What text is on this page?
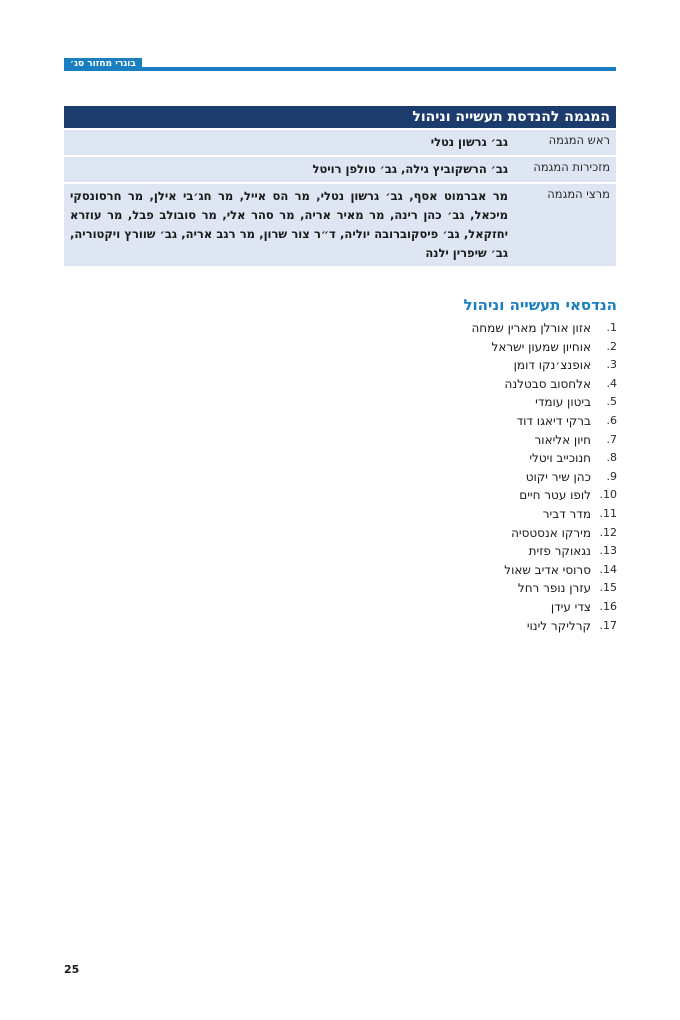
בוגרי מחזור סג׳
המגמה להנדסת תעשייה וניהול	
ראש המגמה	גב׳ גרשון נטלי
מזכירות המגמה	גב׳ הרשקוביץ גילה, גב׳ טולפן רויטל
מרצי המגמה	מר אברמוט אסף, גב׳ גרשון נטלי, מר הס אייל, מר חג׳בי אילן, מר חרסונסקי מיכאל, גב׳ כהן רינה, מר מאיר אריה, מר סהר אלי, מר סובולב פבל, מר עוזרא יחזקאל, גב׳ פיסקוברובה יוליה, ד״ר צור שרון, מר רגב אריה, גב׳ שוורץ ויקטוריה, גב׳ שיפרין ילנה
הנדסאי תעשייה וניהול
1.
אזון אורלן מארין שמחה
2.
אוחיון שמעון ישראל
3.
אופנצ׳נקו דומן
4.
אלחסוב סבטלנה
5.
ביטון עומדי
6.
ברקי דיאגו דוד
7.
חיון אליאור
8.
חנוכייב ויטלי
9.
כהן שיר יקוט
10.
לופו עטר חיים
11.
מדר דביר
12.
מירקו אנסטסיה
13.
נגאוקר פזית
14.
סרוסי אדיב שאול
15.
עזרן נופר רחל
16.
צדי עידן
17.
קרליקר לינוי
25
